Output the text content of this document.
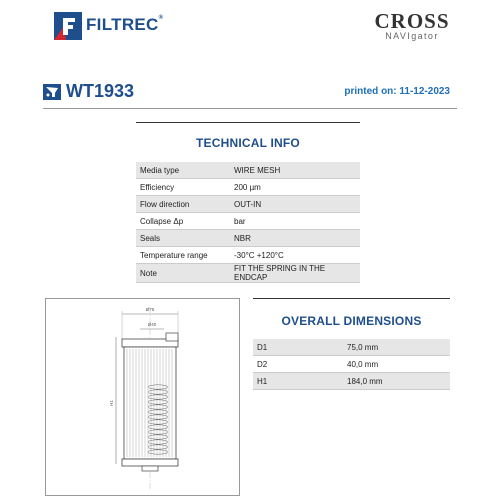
FILTREC®	CROSS
NAVIgator
WT1933	printed on: 11-12-2023
TECHNICAL INFO
Media type	WIRE MESH
Efficiency	200 µm
Flow direction	OUT-IN
Collapse Δp	bar
Seals	NBR
Temperature range	-30°C +120°C
Note	FIT THE SPRING IN THE ENDCAP
Ø75
Ø40
H1
OVERALL DIMENSIONS
D1	75,0 mm
D2	40,0 mm
H1	184,0 mm
